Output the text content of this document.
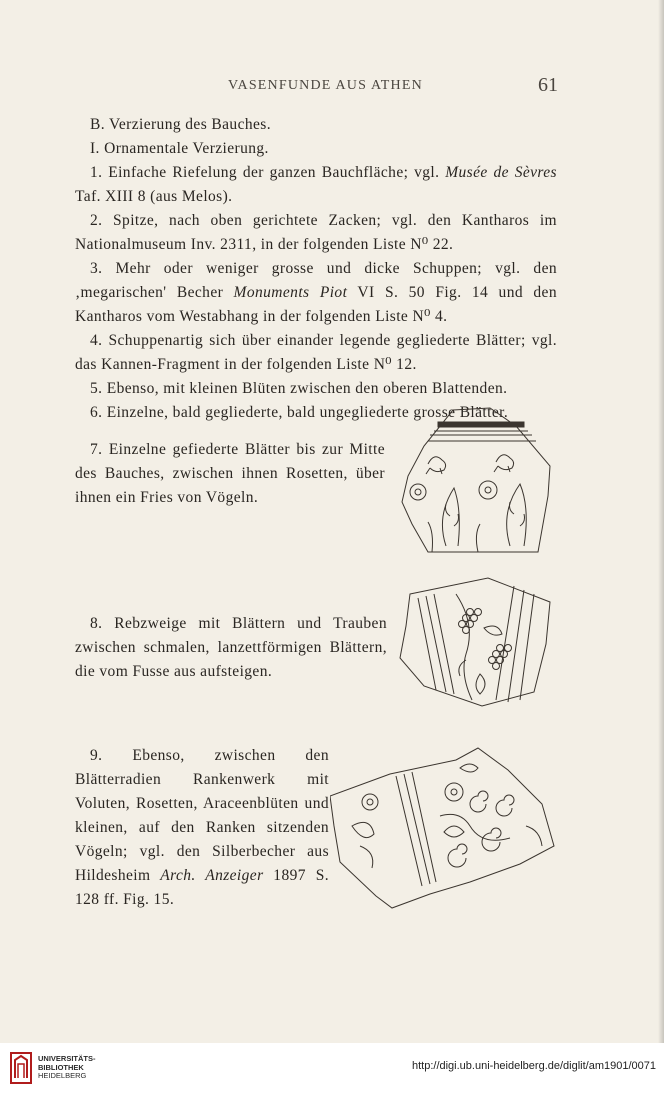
VASENFUNDE AUS ATHEN	61

B. Verzierung des Bauches.

I. Ornamentale Verzierung.

1. Einfache Riefelung der ganzen Bauchfläche; vgl. Musée de Sèvres Taf. XIII 8 (aus Melos).

2. Spitze, nach oben gerichtete Zacken; vgl. den Kantharos im Nationalmuseum Inv. 2311, in der folgenden Liste N⁰ 22.

3. Mehr oder weniger grosse und dicke Schuppen; vgl. den ‚megarischen' Becher Monuments Piot VI S. 50 Fig. 14 und den Kantharos vom Westabhang in der folgenden Liste N⁰ 4.

4. Schuppenartig sich über einander legende gegliederte Blätter; vgl. das Kannen-Fragment in der folgenden Liste N⁰ 12.

5. Ebenso, mit kleinen Blüten zwischen den oberen Blattenden.

6. Einzelne, bald gegliederte, bald ungegliederte grosse Blätter.

7. Einzelne gefiederte Blätter bis zur Mitte des Bauches, zwischen ihnen Rosetten, über ihnen ein Fries von Vögeln.

8. Rebzweige mit Blättern und Trauben zwischen schmalen, lanzettförmigen Blättern, die vom Fusse aus aufsteigen.

9. Ebenso, zwischen den Blätterradien Rankenwerk mit Voluten, Rosetten, Araceenblüten und kleinen, auf den Ranken sitzenden Vögeln; vgl. den Silberbecher aus Hildesheim Arch. Anzeiger 1897 S. 128 ff. Fig. 15.

UNIVERSITÄTS-
BIBLIOTHEK
HEIDELBERG
http://digi.ub.uni-heidelberg.de/diglit/am1901/0071
